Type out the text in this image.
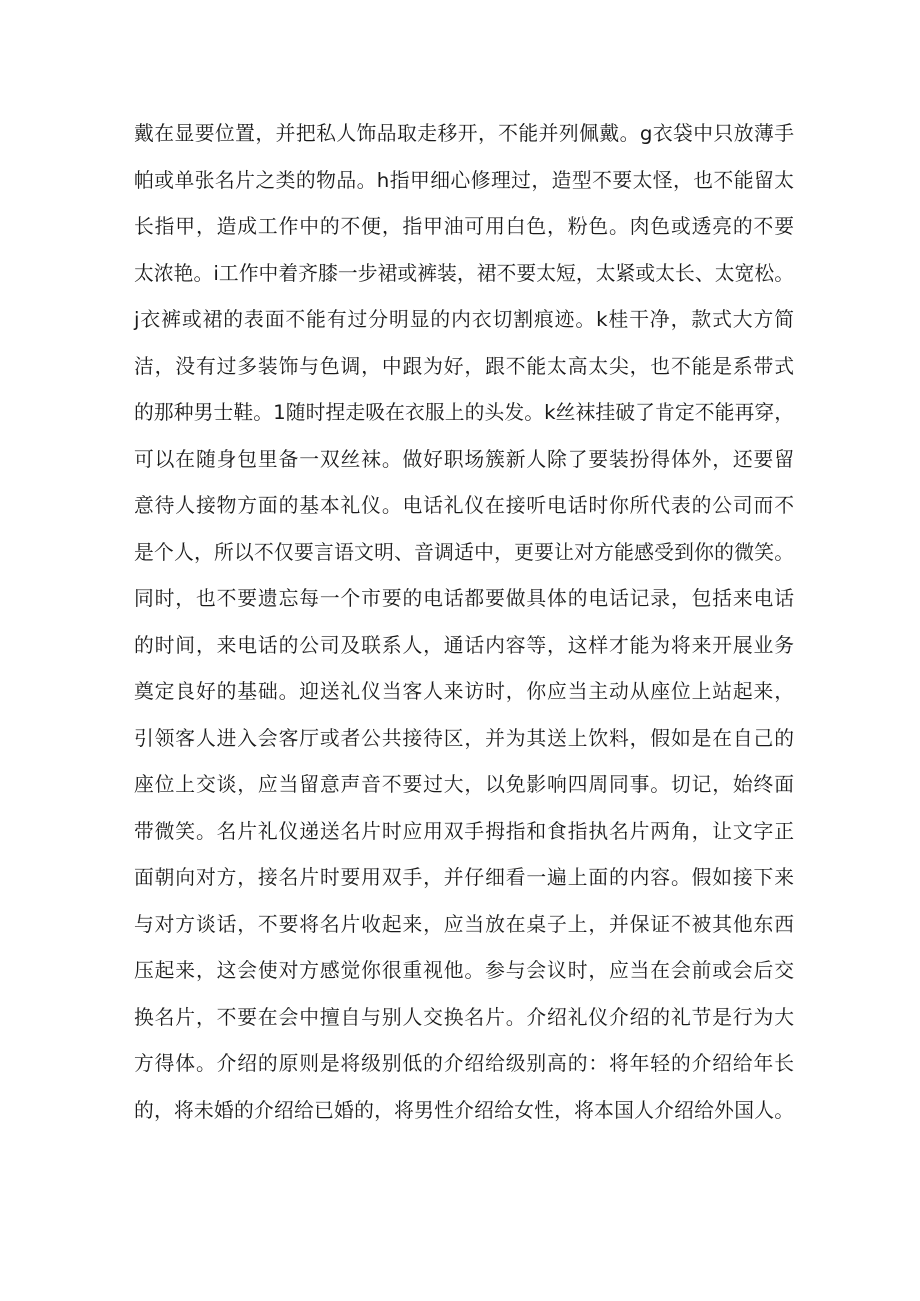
戴在显要位置，并把私人饰品取走移开，不能并列佩戴。g衣袋中只放薄手
帕或单张名片之类的物品。h指甲细心修理过，造型不要太怪，也不能留太
长指甲，造成工作中的不便，指甲油可用白色，粉色。肉色或透亮的不要
太浓艳。i工作中着齐膝一步裙或裤装，裙不要太短，太紧或太长、太宽松。
j衣裤或裙的表面不能有过分明显的内衣切割痕迹。k桂干净，款式大方简
洁，没有过多装饰与色调，中跟为好，跟不能太高太尖，也不能是系带式
的那种男士鞋。1随时捏走吸在衣服上的头发。k丝袜挂破了肯定不能再穿，
可以在随身包里备一双丝袜。做好职场簇新人除了要装扮得体外，还要留
意待人接物方面的基本礼仪。电话礼仪在接听电话时你所代表的公司而不
是个人，所以不仅要言语文明、音调适中，更要让对方能感受到你的微笑。
同时，也不要遗忘每一个市要的电话都要做具体的电话记录，包括来电话
的时间，来电话的公司及联系人，通话内容等，这样才能为将来开展业务
奠定良好的基础。迎送礼仪当客人来访时，你应当主动从座位上站起来，
引领客人进入会客厅或者公共接待区，并为其送上饮料，假如是在自己的
座位上交谈，应当留意声音不要过大，以免影响四周同事。切记，始终面
带微笑。名片礼仪递送名片时应用双手拇指和食指执名片两角，让文字正
面朝向对方，接名片时要用双手，并仔细看一遍上面的内容。假如接下来
与对方谈话，不要将名片收起来，应当放在桌子上，并保证不被其他东西
压起来，这会使对方感觉你很重视他。参与会议时，应当在会前或会后交
换名片，不要在会中擅自与别人交换名片。介绍礼仪介绍的礼节是行为大
方得体。介绍的原则是将级别低的介绍给级别高的：将年轻的介绍给年长
的，将未婚的介绍给已婚的，将男性介绍给女性，将本国人介绍给外国人。
